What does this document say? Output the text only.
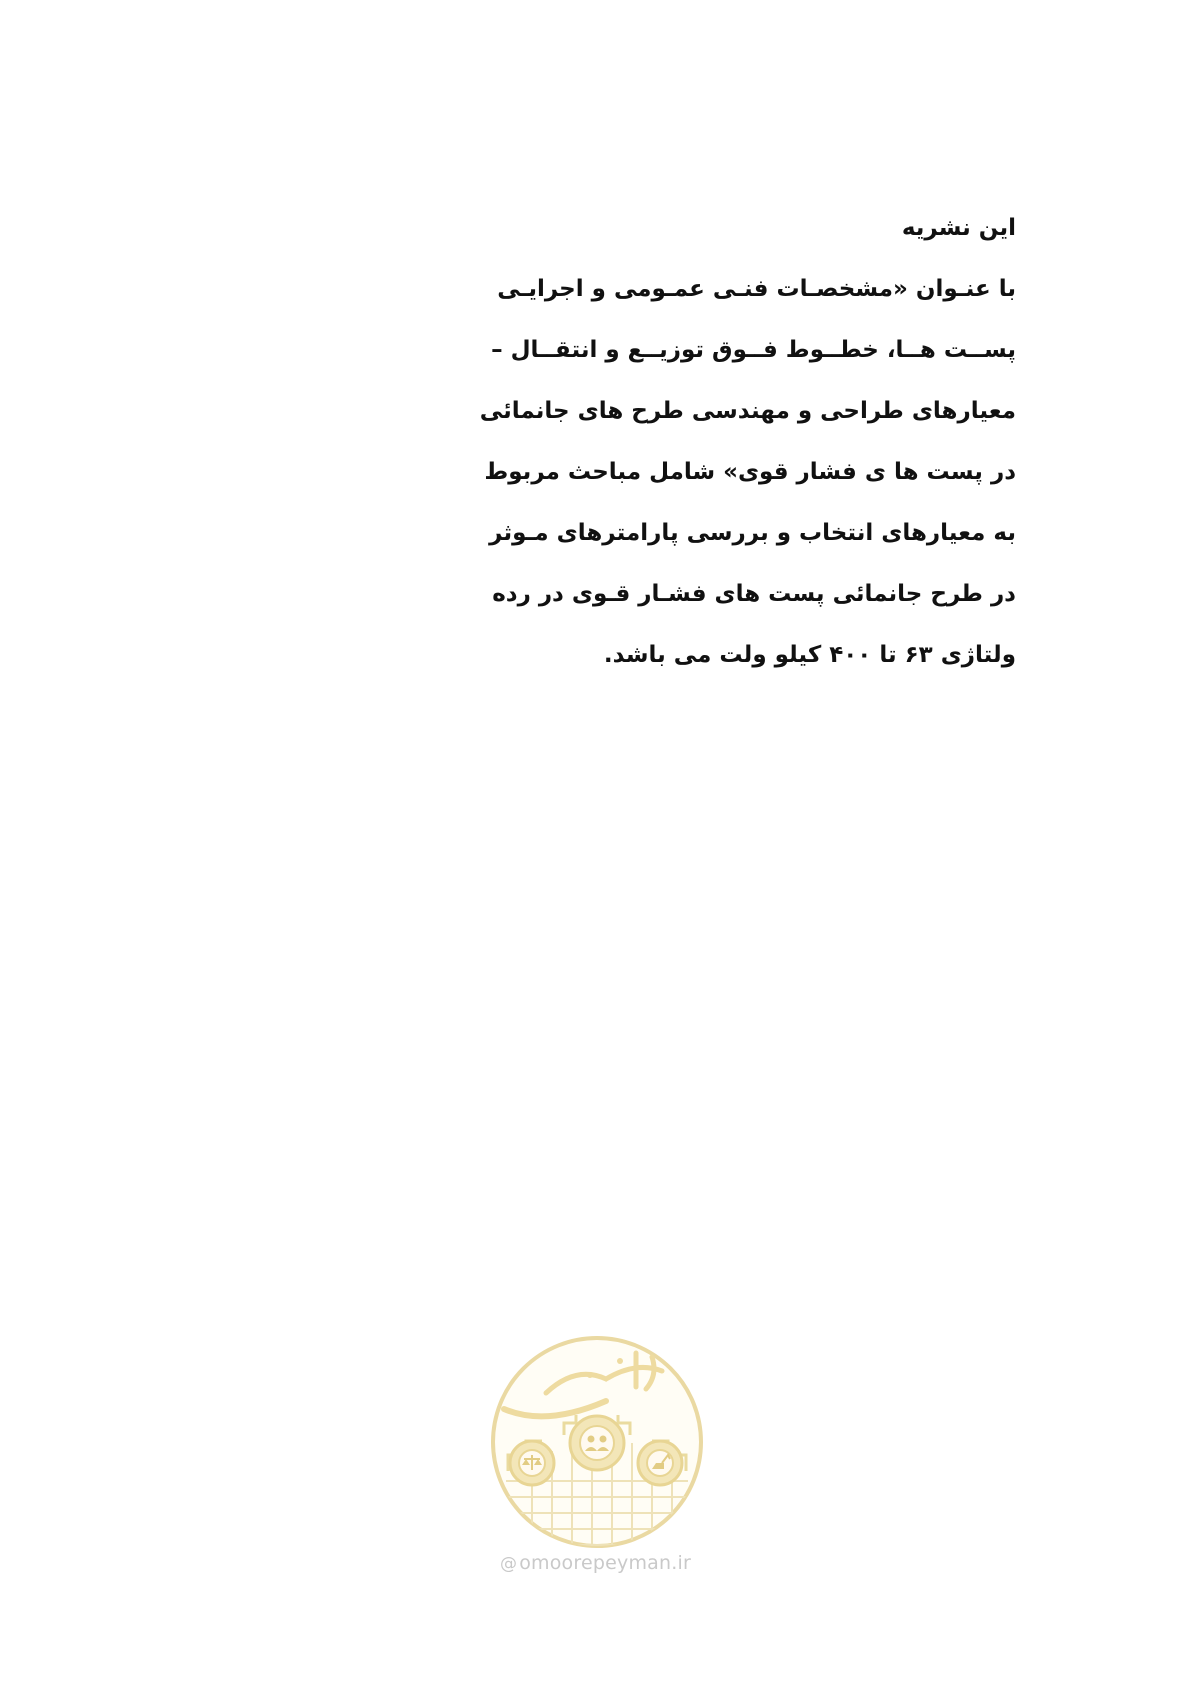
این نشریه
با عنـوان «مشخصـات فنـی عمـومی و اجرایـی
پســت هــا، خطــوط فــوق توزیــع و انتقــال –
معیارهای طراحی و مهندسی طرح های جانمائی
در پست ها ی فشار قوی» شامل مباحث مربوط
به معیارهای انتخاب و بررسی پارامترهای مـوثر
در طرح جانمائی پست های فشـار قـوی در رده
ولتاژی ۶۳ تا ۴۰۰ کیلو ولت می باشد.
@ omoorepeyman.ir
